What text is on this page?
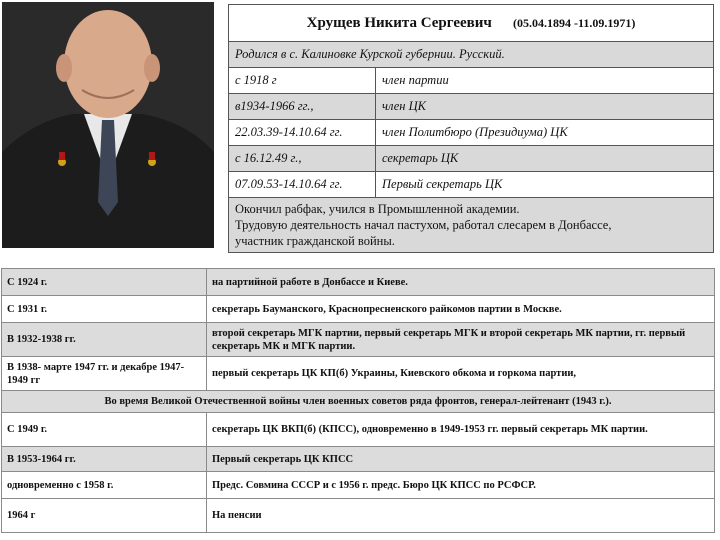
Хрущев Никита Сергеевич (05.04.1894 -11.09.1971)	
Родился в с. Калиновке Курской губернии. Русский.	
с 1918 г	член партии
в1934-1966 гг.,	член ЦК
22.03.39-14.10.64 гг.	член Политбюро (Президиума) ЦК
с 16.12.49 г.,	секретарь ЦК
07.09.53-14.10.64 гг.	Первый секретарь ЦК

Окончил рабфак, учился в Промышленной академии.
Трудовую деятельность начал пастухом, работал слесарем в Донбассе,
участник гражданской войны.	
С 1924 г.	на партийной работе в Донбассе и Киеве.
С 1931 г.	секретарь Бауманского, Краснопресненского райкомов партии в Москве.
В 1932-1938 гг.	второй секретарь МГК партии, первый секретарь МГК и второй секретарь МК партии, гг. первый секретарь МК и МГК партии.
В 1938- марте 1947 гг. и декабре 1947-1949 гг	первый секретарь ЦК КП(б) Украины, Киевского обкома и горкома партии,
Во время Великой Отечественной войны член военных советов ряда фронтов, генерал-лейтенант (1943 г.).	
С 1949 г.	секретарь ЦК ВКП(б) (КПСС), одновременно в 1949-1953 гг. первый секретарь МК партии.
В 1953-1964 гг.	Первый секретарь ЦК КПСС
одновременно с 1958 г.	Предс. Совмина СССР и с 1956 г. предс. Бюро ЦК КПСС по РСФСР.
1964 г	На пенсии
